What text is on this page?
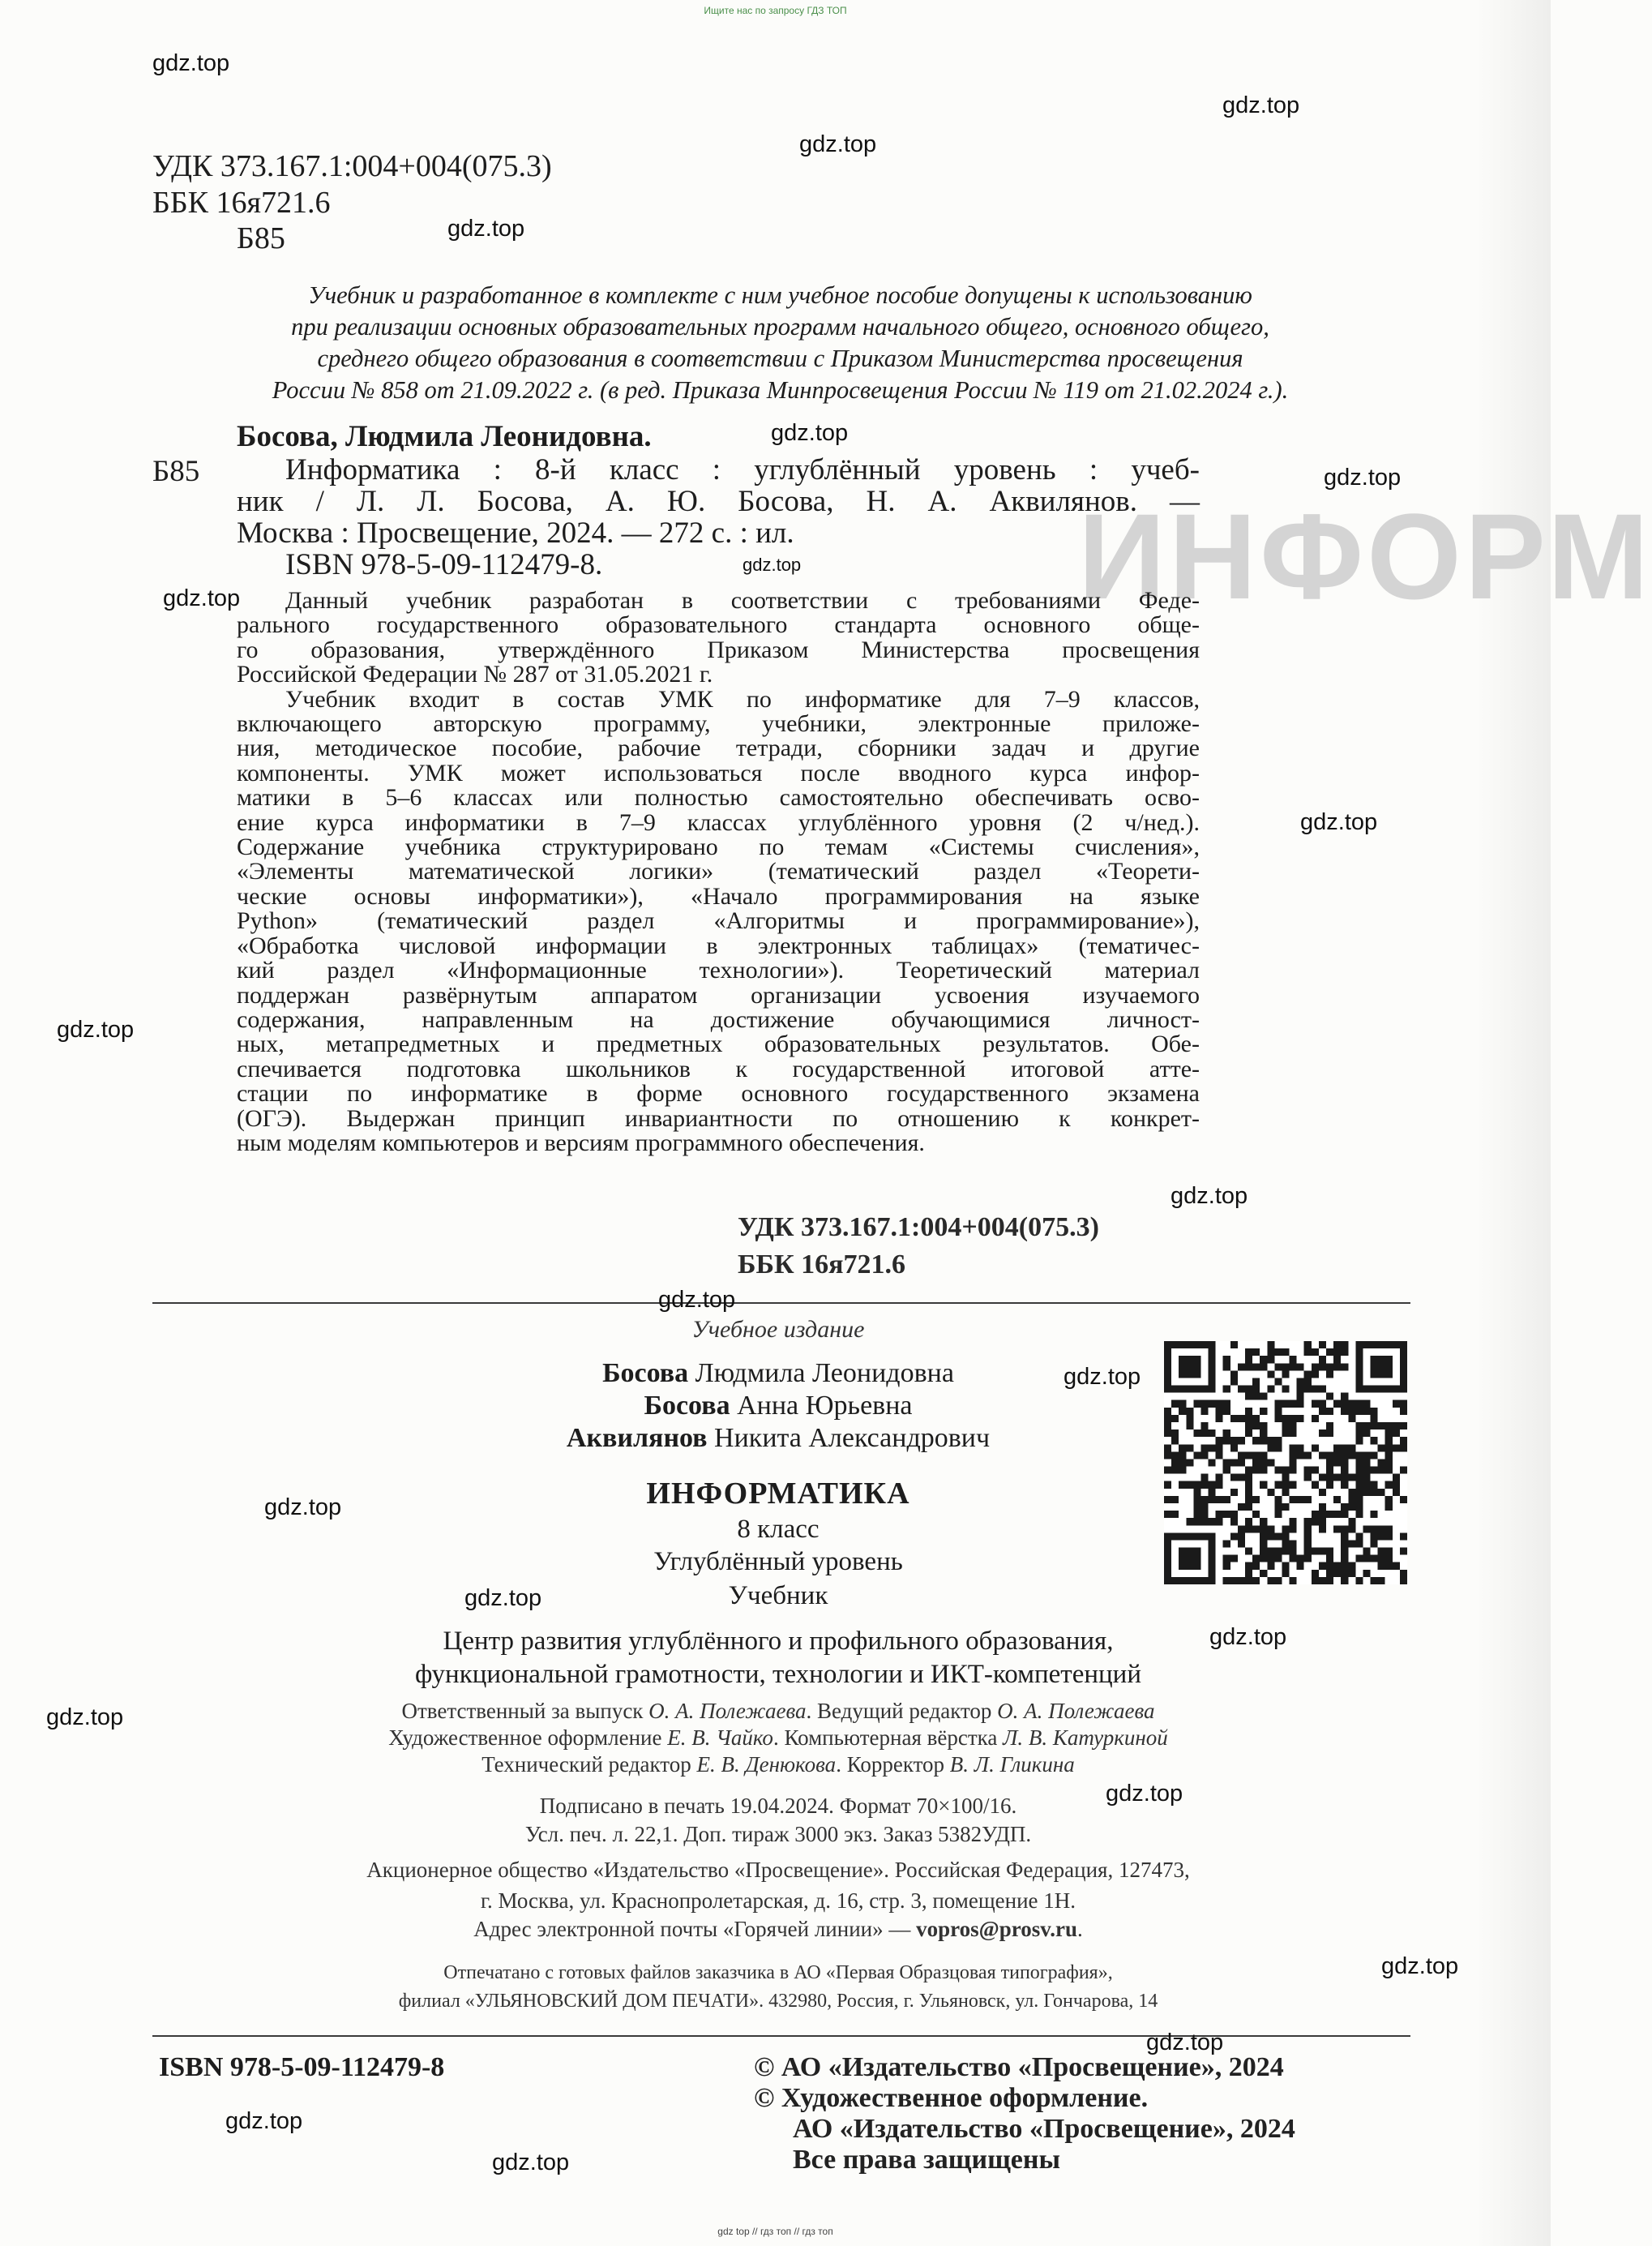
Ищите нас по запросу ГДЗ ТОП
ИНФОРМ
УДК 373.167.1:004+004(075.3)
ББК 16я721.6
Б85
Учебник и разработанное в комплекте с ним учебное пособие допущены к использованию
при реализации основных образовательных программ начального общего, основного общего,
среднего общего образования в соответствии с Приказом Министерства просвещения
России № 858 от 21.09.2022 г. (в ред. Приказа Минпросвещения России № 119 от 21.02.2024 г.).
Босова, Людмила Леонидовна.
Б85	Информатика : 8-й класс : углублённый уровень : учеб-
ник / Л. Л. Босова, А. Ю. Босова, Н. А. Аквилянов. —
Москва : Просвещение, 2024. — 272 с. : ил.
ISBN 978-5-09-112479-8.
Данный учебник разработан в соответствии с требованиями Феде-
рального государственного образовательного стандарта основного обще-
го образования, утверждённого Приказом Министерства просвещения
Российской Федерации № 287 от 31.05.2021 г.
Учебник входит в состав УМК по информатике для 7–9 классов,
включающего авторскую программу, учебники, электронные приложе-
ния, методическое пособие, рабочие тетради, сборники задач и другие
компоненты. УМК может использоваться после вводного курса инфор-
матики в 5–6 классах или полностью самостоятельно обеспечивать осво-
ение курса информатики в 7–9 классах углублённого уровня (2 ч/нед.).
Содержание учебника структурировано по темам «Системы счисления»,
«Элементы математической логики» (тематический раздел «Теорети-
ческие основы информатики»), «Начало программирования на языке
Python» (тематический раздел «Алгоритмы и программирование»),
«Обработка числовой информации в электронных таблицах» (тематичес-
кий раздел «Информационные технологии»). Теоретический материал
поддержан развёрнутым аппаратом организации усвоения изучаемого
содержания, направленным на достижение обучающимися личност-
ных, метапредметных и предметных образовательных результатов. Обе-
спечивается подготовка школьников к государственной итоговой атте-
стации по информатике в форме основного государственного экзамена
(ОГЭ). Выдержан принцип инвариантности по отношению к конкрет-
ным моделям компьютеров и версиям программного обеспечения.
УДК 373.167.1:004+004(075.3)
ББК 16я721.6
Учебное издание
Босова Людмила Леонидовна
Босова Анна Юрьевна
Аквилянов Никита Александрович
ИНФОРМАТИКА
8 класс
Углублённый уровень
Учебник
Центр развития углублённого и профильного образования,
функциональной грамотности, технологии и ИКТ-компетенций
Ответственный за выпуск О. А. Полежаева. Ведущий редактор О. А. Полежаева
Художественное оформление Е. В. Чайко. Компьютерная вёрстка Л. В. Катуркиной
Технический редактор Е. В. Денюкова. Корректор В. Л. Гликина
Подписано в печать 19.04.2024. Формат 70×100/16.
Усл. печ. л. 22,1. Доп. тираж 3000 экз. Заказ 5382УДП.
Акционерное общество «Издательство «Просвещение». Российская Федерация, 127473,
г. Москва, ул. Краснопролетарская, д. 16, стр. 3, помещение 1Н.
Адрес электронной почты «Горячей линии» — vopros@prosv.ru.
Отпечатано с готовых файлов заказчика в АО «Первая Образцовая типография»,
филиал «УЛЬЯНОВСКИЙ ДОМ ПЕЧАТИ». 432980, Россия, г. Ульяновск, ул. Гончарова, 14
ISBN 978-5-09-112479-8	© АО «Издательство «Просвещение», 2024
© Художественное оформление.
АО «Издательство «Просвещение», 2024
Все права защищены
gdz top // гдз топ // гдз топ
gdz.top
gdz.top
gdz.top
gdz.top
gdz.top
gdz.top
gdz.top
gdz.top
gdz.top
gdz.top
gdz.top
gdz.top
gdz.top
gdz.top
gdz.top
gdz.top
gdz.top
gdz.top
gdz.top
gdz.top
gdz.top
gdz.top
